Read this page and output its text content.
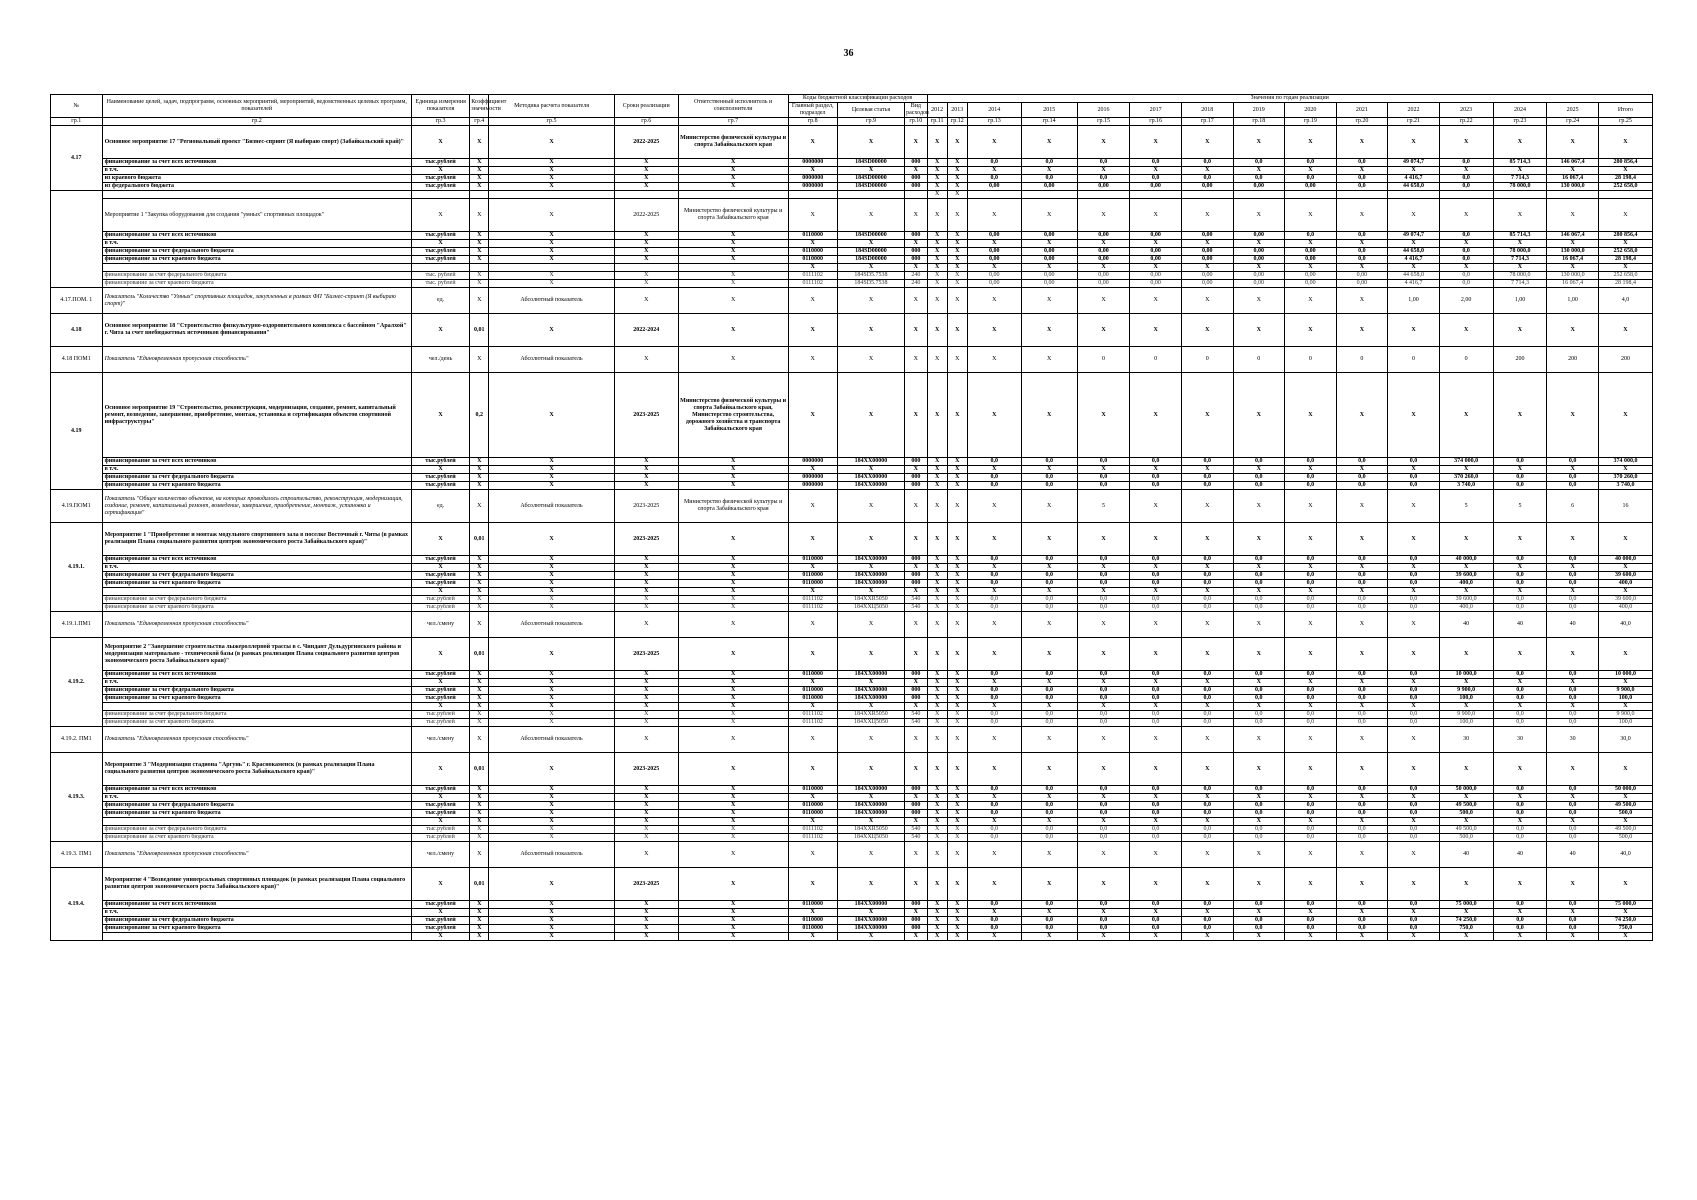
36
№	Наименование целей, задач, подпрограмм, основных мероприятий, мероприятий, ведомственных целевых программ, показателей	Единица измерения показателя	Коэффициент значимости	Методика расчета показателя	Сроки реализации	Ответственный исполнитель и соисполнители	Коды бюджетной классификации расходов			Значения по годам реализации														
							Главный раздел, подраздел	Целевая статья	Вид расходов	2012	2013	2014	2015	2016	2017	2018	2019	2020	2021	2022	2023	2024	2025	Итого
гр.1	гр.2	гр.3	гр.4	гр.5	гр.6	гр.7	гр.8	гр.9	гр.10	гр.11	гр.12	гр.13	гр.14	гр.15	гр.16	гр.17	гр.18	гр.19	гр.20	гр.21	гр.22	гр.23	гр.24	гр.25
4.17	Основное мероприятие 17 "Региональный проект "Бизнес-спринт (Я выбираю спорт) (Забайкальский край)"	X	X	X	2022-2025	Министерство физической культуры и спорта Забайкальского края	X	X	X	X	X	X	X	X	X	X	X	X	X	X	X	X	X	X
	финансирование за счет всех источников	тыс.рублей	X	X	X	X	0000000	184SD00000	000	X	X	0,0	0,0	0,0	0,0	0,0	0,0	0,0	0,0	49 074,7	0,0	85 714,3	146 067,4	280 856,4
	в т.ч.	X	X	X	X	X	X	X	X	X	X	X	X	X	X	X	X	X	X	X	X	X	X	X
	из краевого бюджета	тыс.рублей	X	X	X	X	0000000	184SD00000	000	X	X	0,0	0,0	0,0	0,0	0,0	0,0	0,0	0,0	4 416,7	0,0	7 714,3	16 067,4	28 198,4
	из федерального бюджета	тыс.рублей	X	X	X	X	0000000	184SD00000	000	X	X	0,00	0,00	0,00	0,00	0,00	0,00	0,00	0,0	44 658,0	0,0	78 000,0	130 000,0	252 658,0
										X	X													
	Мероприятие 1 "Закупка оборудования для создания "умных" спортивных площадок"	X	X	X	2022-2025	Министерство физической культуры и спорта Забайкальского края	X	X	X	X	X	X	X	X	X	X	X	X	X	X	X	X	X	X
	финансирование за счет всех источников	тыс.рублей	X	X	X	X	0110000	184SD00000	000	X	X	0,00	0,00	0,00	0,00	0,00	0,00	0,0	0,0	49 074,7	0,0	85 714,3	146 067,4	280 856,4
	в т.ч.	X	X	X	X	X	X	X	X	X	X	X	X	X	X	X	X	X	X	X	X	X	X	X
	финансирование за счет федерального бюджета	тыс.рублей	X	X	X	X	0110000	184SD00000	000	X	X	0,00	0,00	0,00	0,00	0,00	0,00	0,00	0,0	44 658,0	0,0	78 000,0	130 000,0	252 658,0
	финансирование за счет краевого бюджета	тыс.рублей	X	X	X	X	0110000	184SD00000	000	X	X	0,00	0,00	0,00	0,00	0,00	0,00	0,00	0,0	4 416,7	0,0	7 714,3	16 067,4	28 198,4
							X	X	X	X	X	X	X	X	X	X	X	X	X	X	X	X	X	X
	финансирование за счет федерального бюджета	тыс. рублей	X	X	X	X	0111102	184SD5.7538	240	X	X	0,00	0,00	0,00	0,00	0,00	0,00	0,00	0,00	44 658,0	0,0	78 000,0	130 000,0	252 658,0
	финансирование за счет краевого бюджета	тыс. рублей	X	X	X	X	0111102	184SD5.7538	240	X	X	0,00	0,00	0,00	0,00	0,00	0,00	0,00	0,00	4 416,7	0,0	7 714,3	16 067,4	28 198,4
4.17.ПОМ. 1	Показатель "Количество "Умных" спортивных площадок, закупленных в рамках ФП "Бизнес-спринт (Я выбираю спорт)"	ед.	X	Абсолютный показатель	X	X	X	X	X	X	X	X	X	X	X	X	X	X	X	1,00	2,00	1,00	1,00	4,0
4.18	Основное мероприятие 18 "Строительство физкультурно-оздоровительного комплекса с бассейном "Аралхой" г. Чита за счет внебюджетных источников финансирования"	X	0,01	X	2022-2024	X	X	X	X	X	X	X	X	X	X	X	X	X	X	X	X	X	X	X
4.18 ПОМ1	Показатель "Единовременная пропускная способность"	чел./день	X	Абсолютный показатель	X	X	X	X	X	X	X	X	X	0	0	0	0	0	0	0	0	200	200	200
4.19	Основное мероприятие 19 "Строительство, реконструкция, модернизация, создание, ремонт, капитальный ремонт, возведение, завершение, приобретение, монтаж, установка и сертификация объектов спортивной инфраструктуры"	X	0,2	X	2023-2025	Министерство физической культуры и спорта Забайкальского края, Министерство строительства, дорожного хозяйства и транспорта Забайкальского края	X	X	X	X	X	X	X	X	X	X	X	X	X	X	X	X	X	X
	финансирование за счет всех источников	тыс.рублей	X	X	X	X	0000000	184XX00000	000	X	X	0,0	0,0	0,0	0,0	0,0	0,0	0,0	0,0	0,0	374 000,0	0,0	0,0	374 000,0
	в т.ч.	X	X	X	X	X	X	X	X	X	X	X	X	X	X	X	X	X	X	X	X	X	X	X
	финансирование за счет федерального бюджета	тыс.рублей	X	X	X	X	0000000	184XX00000	000	X	X	0,0	0,0	0,0	0,0	0,0	0,0	0,0	0,0	0,0	370 260,0	0,0	0,0	370 260,0
	финансирование за счет краевого бюджета	тыс.рублей	X	X	X	X	0000000	184XX00000	000	X	X	0,0	0,0	0,0	0,0	0,0	0,0	0,0	0,0	0,0	3 740,0	0,0	0,0	3 740,0
4.19.ПОМ1	Показатель "Общее количество объектов, на которых проводилось строительство, реконструкция, модернизация, создание, ремонт, капитальный ремонт, возведение, завершение, приобретение, монтаж, установка и сертификация"	ед.	X	Абсолютный показатель	2023-2025	Министерство физической культуры и спорта Забайкальского края	X	X	X	X	X	X	X	5	X	X	X	X	X	X	5	5	6	16
4.19.1.	Мероприятие 1 "Приобретение и монтаж модульного спортивного зала в поселке Восточный г. Читы (в рамках реализации Плана социального развития центров экономического роста Забайкальского края)"	X	0,01	X	2023-2025	X	X	X	X	X	X	X	X	X	X	X	X	X	X	X	X	X	X	X
	финансирование за счет всех источников	тыс.рублей	X	X	X	X	0110000	184XX00000	000	X	X	0,0	0,0	0,0	0,0	0,0	0,0	0,0	0,0	0,0	40 000,0	0,0	0,0	40 000,0
	в т.ч.	X	X	X	X	X	X	X	X	X	X	X	X	X	X	X	X	X	X	X	X	X	X	X
	финансирование за счет федерального бюджета	тыс.рублей	X	X	X	X	0110000	184XX00000	000	X	X	0,0	0,0	0,0	0,0	0,0	0,0	0,0	0,0	0,0	39 600,0	0,0	0,0	39 600,0
	финансирование за счет краевого бюджета	тыс.рублей	X	X	X	X	0110000	184XX00000	000	X	X	0,0	0,0	0,0	0,0	0,0	0,0	0,0	0,0	0,0	400,0	0,0	0,0	400,0
		X	X	X	X	X	X	X	X	X	X	X	X	X	X	X	X	X	X	X	X	X	X	X
	финансирование за счет федерального бюджета	тыс.рублей	X	X	X	X	0111102	184XXR5050	540	X	X	0,0	0,0	0,0	0,0	0,0	0,0	0,0	0,0	0,0	39 600,0	0,0	0,0	39 600,0
	финансирование за счет краевого бюджета	тыс.рублей	X	X	X	X	0111102	184XXЦ5050	540	X	X	0,0	0,0	0,0	0,0	0,0	0,0	0,0	0,0	0,0	400,0	0,0	0,0	400,0
4.19.1.ПМ1	Показатель "Единовременная пропускная способность"	чел./смену	X	Абсолютный показатель	X	X	X	X	X	X	X	X	X	X	X	X	X	X	X	X	40	40	40	40,0
4.19.2.	Мероприятие 2 "Завершение строительства лыжероллерной трассы в с. Чиндант Дульдургинского района и модернизация материально - технической базы (в рамках реализации Плана социального развития центров экономического роста Забайкальского края)"	X	0,01	X	2023-2025	X	X	X	X	X	X	X	X	X	X	X	X	X	X	X	X	X	X	X
	финансирование за счет всех источников	тыс.рублей	X	X	X	X	0110000	184XX00000	000	X	X	0,0	0,0	0,0	0,0	0,0	0,0	0,0	0,0	0,0	10 000,0	0,0	0,0	10 000,0
	в т.ч.	X	X	X	X	X	X	X	X	X	X	X	X	X	X	X	X	X	X	X	X	X	X	X
	финансирование за счет федерального бюджета	тыс.рублей	X	X	X	X	0110000	184XX00000	000	X	X	0,0	0,0	0,0	0,0	0,0	0,0	0,0	0,0	0,0	9 900,0	0,0	0,0	9 900,0
	финансирование за счет краевого бюджета	тыс.рублей	X	X	X	X	0110000	184XX00000	000	X	X	0,0	0,0	0,0	0,0	0,0	0,0	0,0	0,0	0,0	100,0	0,0	0,0	100,0
		X	X	X	X	X	X	X	X	X	X	X	X	X	X	X	X	X	X	X	X	X	X	X
	финансирование за счет федерального бюджета	тыс.рублей	X	X	X	X	0111102	184XXR5050	540	X	X	0,0	0,0	0,0	0,0	0,0	0,0	0,0	0,0	0,0	9 900,0	0,0	0,0	9 900,0
	финансирование за счет краевого бюджета	тыс.рублей	X	X	X	X	0111102	184XXЦ5050	540	X	X	0,0	0,0	0,0	0,0	0,0	0,0	0,0	0,0	0,0	100,0	0,0	0,0	100,0
4.19.2. ПМ1	Показатель "Единовременная пропускная способность"	чел./смену	X	Абсолютный показатель	X	X	X	X	X	X	X	X	X	X	X	X	X	X	X	X	30	30	30	30,0
4.19.3.	Мероприятие 3 "Модернизация стадиона "Аргунь" г. Краснокаменск (в рамках реализации Плана социального развития центров экономического роста Забайкальского края)"	X	0,01	X	2023-2025	X	X	X	X	X	X	X	X	X	X	X	X	X	X	X	X	X	X	X
	финансирование за счет всех источников	тыс.рублей	X	X	X	X	0110000	184XX00000	000	X	X	0,0	0,0	0,0	0,0	0,0	0,0	0,0	0,0	0,0	50 000,0	0,0	0,0	50 000,0
	в т.ч.	X	X	X	X	X	X	X	X	X	X	X	X	X	X	X	X	X	X	X	X	X	X	X
	финансирование за счет федерального бюджета	тыс.рублей	X	X	X	X	0110000	184XX00000	000	X	X	0,0	0,0	0,0	0,0	0,0	0,0	0,0	0,0	0,0	49 500,0	0,0	0,0	49 500,0
	финансирование за счет краевого бюджета	тыс.рублей	X	X	X	X	0110000	184XX00000	000	X	X	0,0	0,0	0,0	0,0	0,0	0,0	0,0	0,0	0,0	500,0	0,0	0,0	500,0
		X	X	X	X	X	X	X	X	X	X	X	X	X	X	X	X	X	X	X	X	X	X	X
	финансирование за счет федерального бюджета	тыс.рублей	X	X	X	X	0111102	184XXR5050	540	X	X	0,0	0,0	0,0	0,0	0,0	0,0	0,0	0,0	0,0	49 500,0	0,0	0,0	49 500,0
	финансирование за счет краевого бюджета	тыс.рублей	X	X	X	X	0111102	184XXЦ5050	540	X	X	0,0	0,0	0,0	0,0	0,0	0,0	0,0	0,0	0,0	500,0	0,0	0,0	500,0
4.19.3. ПМ1	Показатель "Единовременная пропускная способность"	чел./смену	X	Абсолютный показатель	X	X	X	X	X	X	X	X	X	X	X	X	X	X	X	X	40	40	40	40,0
4.19.4.	Мероприятие 4 "Возведение универсальных спортивных площадок (в рамках реализации Плана социального развития центров экономического роста Забайкальского края)"	X	0,01	X	2023-2025	X	X	X	X	X	X	X	X	X	X	X	X	X	X	X	X	X	X	X
	финансирование за счет всех источников	тыс.рублей	X	X	X	X	0110000	184XX00000	000	X	X	0,0	0,0	0,0	0,0	0,0	0,0	0,0	0,0	0,0	75 000,0	0,0	0,0	75 000,0
	в т.ч.	X	X	X	X	X	X	X	X	X	X	X	X	X	X	X	X	X	X	X	X	X	X	X
	финансирование за счет федерального бюджета	тыс.рублей	X	X	X	X	0110000	184XX00000	000	X	X	0,0	0,0	0,0	0,0	0,0	0,0	0,0	0,0	0,0	74 250,0	0,0	0,0	74 250,0
	финансирование за счет краевого бюджета	тыс.рублей	X	X	X	X	0110000	184XX00000	000	X	X	0,0	0,0	0,0	0,0	0,0	0,0	0,0	0,0	0,0	750,0	0,0	0,0	750,0
		X	X	X	X	X	X	X	X	X	X	X	X	X	X	X	X	X	X	X	X	X	X	X
